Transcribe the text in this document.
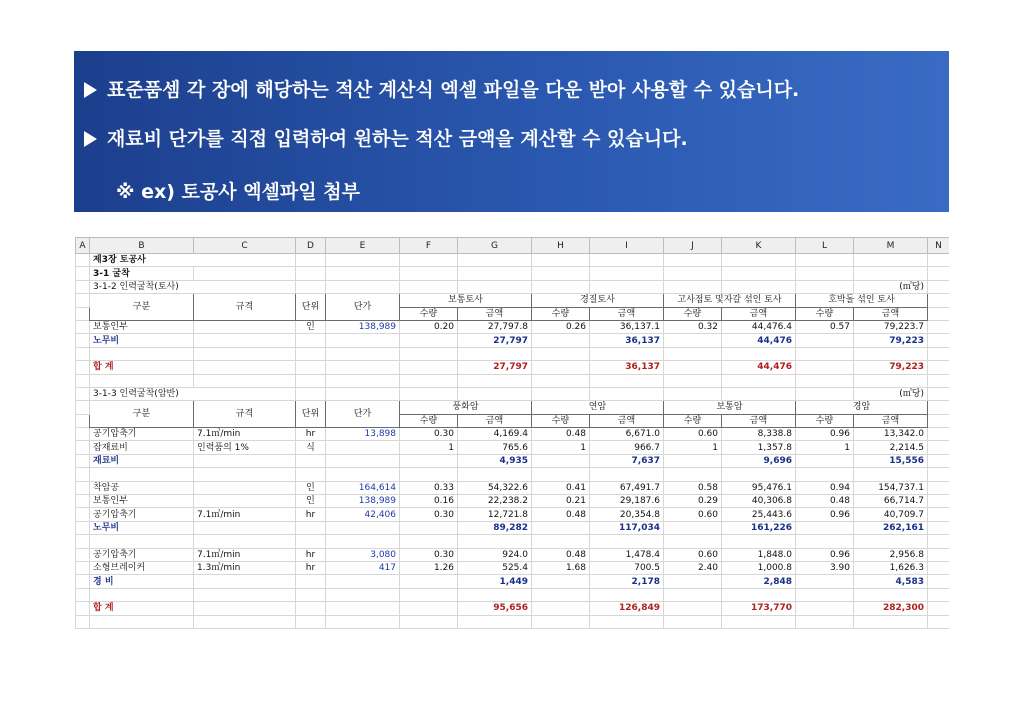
표준품셈 각 장에 해당하는 적산 계산식 엑셀 파일을 다운 받아 사용할 수 있습니다.
재료비 단가를 직접 입력하여 원하는 적산 금액을 계산할 수 있습니다.
※ ex) 토공사 엑셀파일 첨부
A	B	C	D	E	F	G	H	I	J	K	L	M	N
	제3장 토공사												
	3-1 굴착												
	3-1-2 인력굴착(토사)											(㎥당)	
	구분	규격	단위	단가	보통토사		경질토사		고사점토 및자갈 섞인 토사		호박돌 섞인 토사		
					수량	금액	수량	금액	수량	금액	수량	금액	
	보통인부		인	138,989	0.20	27,797.8	0.26	36,137.1	0.32	44,476.4	0.57	79,223.7	
	노무비					27,797		36,137		44,476		79,223	

	합 계					27,797		36,137		44,476		79,223	

	3-1-3 인력굴착(암반)											(㎥당)	
	구분	규격	단위	단가	풍화암		연암		보통암		경암		
					수량	금액	수량	금액	수량	금액	수량	금액	
	공기압축기	7.1㎥/min	hr	13,898	0.30	4,169.4	0.48	6,671.0	0.60	8,338.8	0.96	13,342.0	
	잡재료비	인력품의 1%	식		1	765.6	1	966.7	1	1,357.8	1	2,214.5	
	재료비					4,935		7,637		9,696		15,556	

	착암공		인	164,614	0.33	54,322.6	0.41	67,491.7	0.58	95,476.1	0.94	154,737.1	
	보통인부		인	138,989	0.16	22,238.2	0.21	29,187.6	0.29	40,306.8	0.48	66,714.7	
	공기압축기	7.1㎥/min	hr	42,406	0.30	12,721.8	0.48	20,354.8	0.60	25,443.6	0.96	40,709.7	
	노무비					89,282		117,034		161,226		262,161	

	공기압축기	7.1㎥/min	hr	3,080	0.30	924.0	0.48	1,478.4	0.60	1,848.0	0.96	2,956.8	
	소형브레이커	1.3㎥/min	hr	417	1.26	525.4	1.68	700.5	2.40	1,000.8	3.90	1,626.3	
	경 비					1,449		2,178		2,848		4,583	

	합 계					95,656		126,849		173,770		282,300	
